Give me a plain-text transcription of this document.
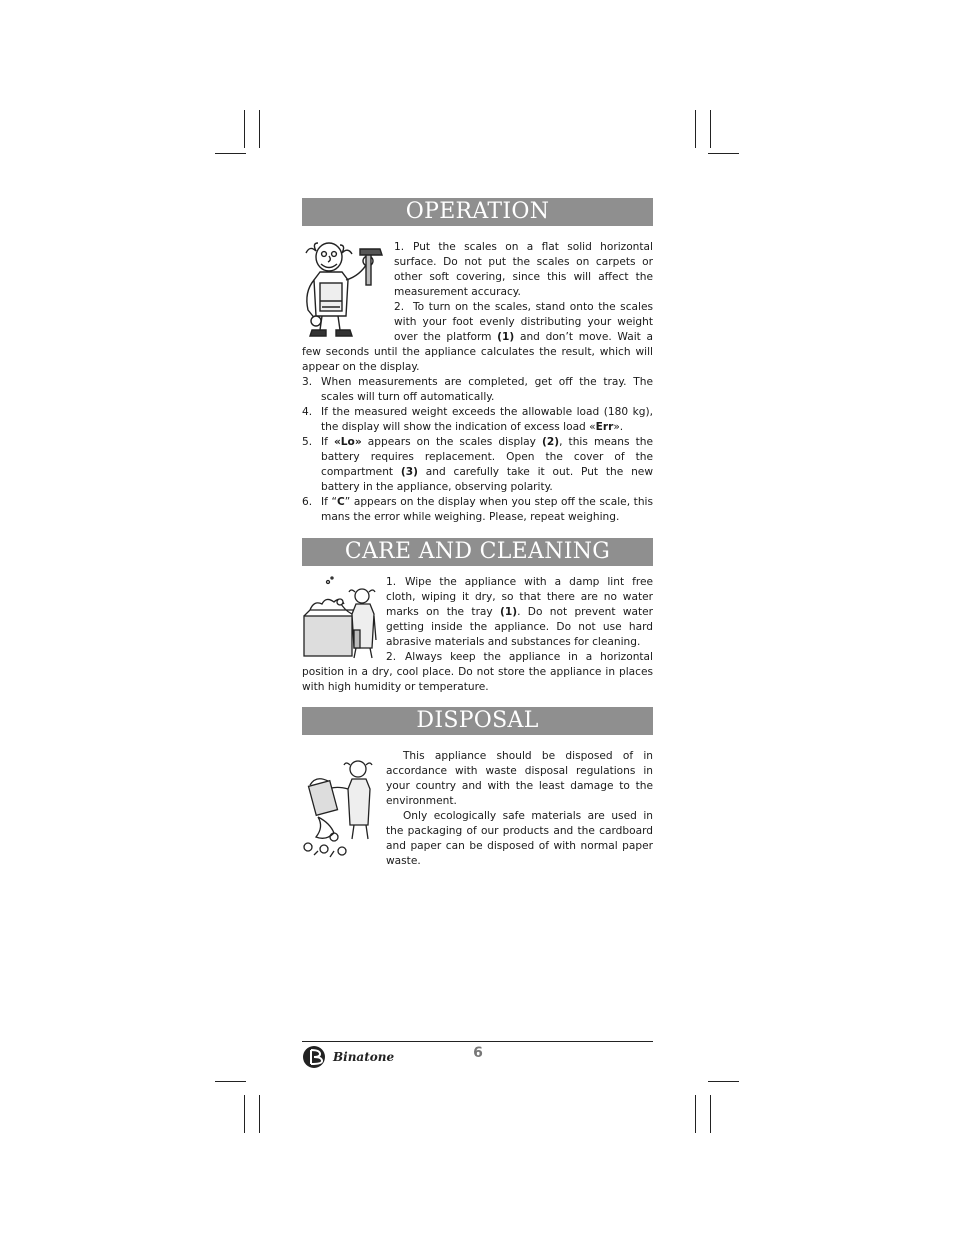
OPERATION

1. Put the scales on a flat solid horizontal surface. Do not put the scales on carpets or other soft covering, since this will affect the measurement accuracy.

2. To turn on the scales, stand onto the scales with your foot evenly distributing your weight over the platform (1) and don’t move. Wait a few seconds until the appliance calculates the result, which will appear on the display.

3. When measurements are completed, get off the tray. The scales will turn off automatically.

4. If the measured weight exceeds the allowable load (180 kg), the display will show the indication of excess load «Err».

5. If «Lo» appears on the scales display (2), this means the battery requires replacement. Open the cover of the compartment (3) and carefully take it out. Put the new battery in the appliance, observing polarity.

6. If “C” appears on the display when you step off the scale, this mans the error while weighing. Please, repeat weighing.

CARE AND CLEANING

1. Wipe the appliance with a damp lint free cloth, wiping it dry, so that there are no water marks on the tray (1). Do not prevent water getting inside the appliance. Do not use hard abrasive materials and substances for cleaning.

2. Always keep the appliance in a horizontal position in a dry, cool place. Do not store the appliance in places with high humidity or temperature.

DISPOSAL

This appliance should be disposed of in accordance with waste disposal regulations in your country and with the least damage to the environment.

Only ecologically safe materials are used in the packaging of our products and the cardboard and paper can be disposed of with normal paper waste.

Binatone	6
